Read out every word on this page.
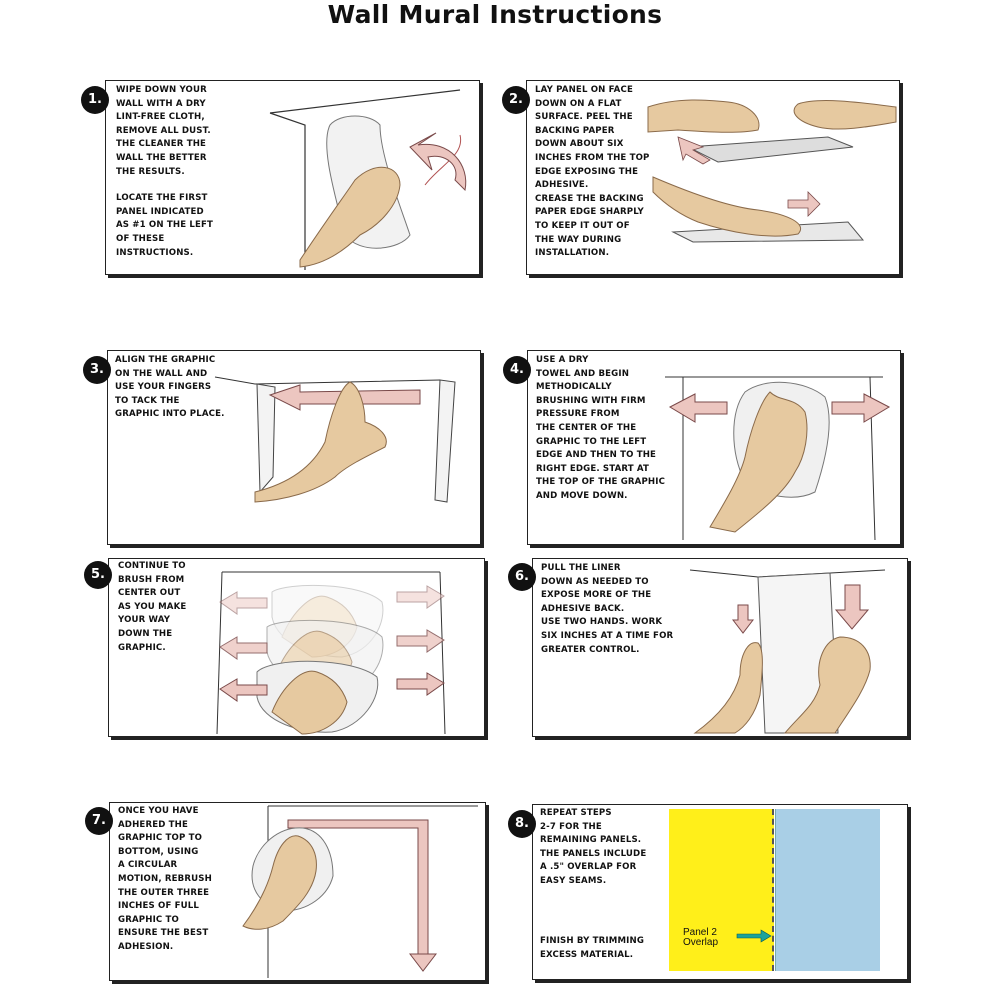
Wall Mural Instructions
1.
WIPE DOWN YOUR
WALL WITH A DRY
LINT-FREE CLOTH,
REMOVE ALL DUST.
THE CLEANER THE
WALL THE BETTER
THE RESULTS.
LOCATE THE FIRST
PANEL INDICATED
AS #1 ON THE LEFT
OF THESE
INSTRUCTIONS.
2.
LAY PANEL ON FACE
DOWN ON A FLAT
SURFACE. PEEL THE
BACKING PAPER
DOWN ABOUT SIX
INCHES FROM THE TOP
EDGE EXPOSING THE
ADHESIVE.
CREASE THE BACKING
PAPER EDGE SHARPLY
TO KEEP IT OUT OF
THE WAY DURING
INSTALLATION.
3.
ALIGN THE GRAPHIC
ON THE WALL AND
USE YOUR FINGERS
TO TACK THE
GRAPHIC INTO PLACE.
4.
USE A DRY
TOWEL AND BEGIN
METHODICALLY
BRUSHING WITH FIRM
PRESSURE FROM
THE CENTER OF THE
GRAPHIC TO THE LEFT
EDGE AND THEN TO THE
RIGHT EDGE. START AT
THE TOP OF THE GRAPHIC
AND MOVE DOWN.
5.
CONTINUE TO
BRUSH FROM
CENTER OUT
AS YOU MAKE
YOUR WAY
DOWN THE
GRAPHIC.
6.
PULL THE LINER
DOWN AS NEEDED TO
EXPOSE MORE OF THE
ADHESIVE BACK.
USE TWO HANDS. WORK
SIX INCHES AT A TIME FOR
GREATER CONTROL.
7.
ONCE YOU HAVE
ADHERED THE
GRAPHIC TOP TO
BOTTOM, USING
A CIRCULAR
MOTION, REBRUSH
THE OUTER THREE
INCHES OF FULL
GRAPHIC TO
ENSURE THE BEST
ADHESION.
8.
REPEAT STEPS
2-7 FOR THE
REMAINING PANELS.
THE PANELS INCLUDE
A .5" OVERLAP FOR
EASY SEAMS.
FINISH BY TRIMMING
EXCESS MATERIAL.
Panel 2
Overlap
